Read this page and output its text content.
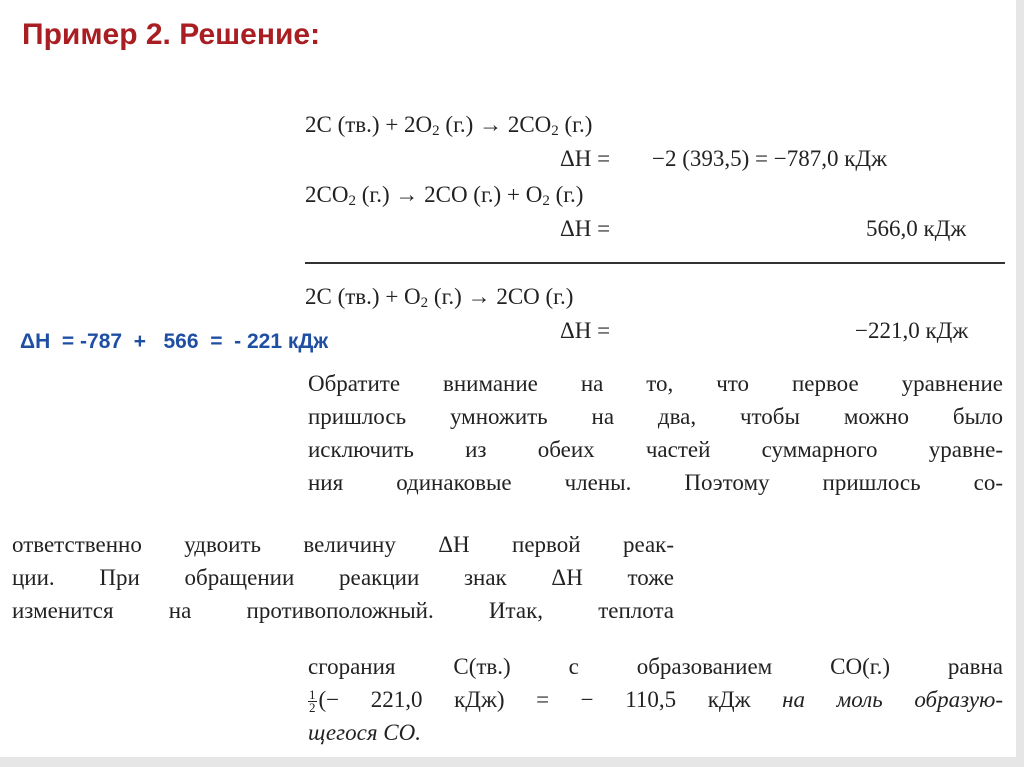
Пример 2. Решение:
2C $(тв.) + 2O_2$ $(г.) \to 2CO_2$ (г.)
ΔH = −2 (393,5) = −787,0 кДж
$2CO_2$ (г.) → 2CO $(г.) + O_2$ (г.)
ΔH =	566,0 кДж
2C $(тв.) + O_2$ (г.) → 2CO (г.)
ΔH =	−221,0 кДж
ΔH  = -787  +   566  =  - 221 кДж
Обратите внимание на то, что первое уравнение
пришлось умножить на два, чтобы можно было
исключить из обеих частей суммарного уравне-
ния одинаковые члены. Поэтому пришлось со-
ответственно удвоить величину ΔH первой реак-
ции. При обращении реакции знак ΔH тоже
изменится на противоположный. Итак, теплота
сгорания С(тв.) с образованием СО(г.) равна
$\frac{1}{2}$ (− 221,0 кДж) = − 110,5 кДж на моль образую-
щегося СО.
